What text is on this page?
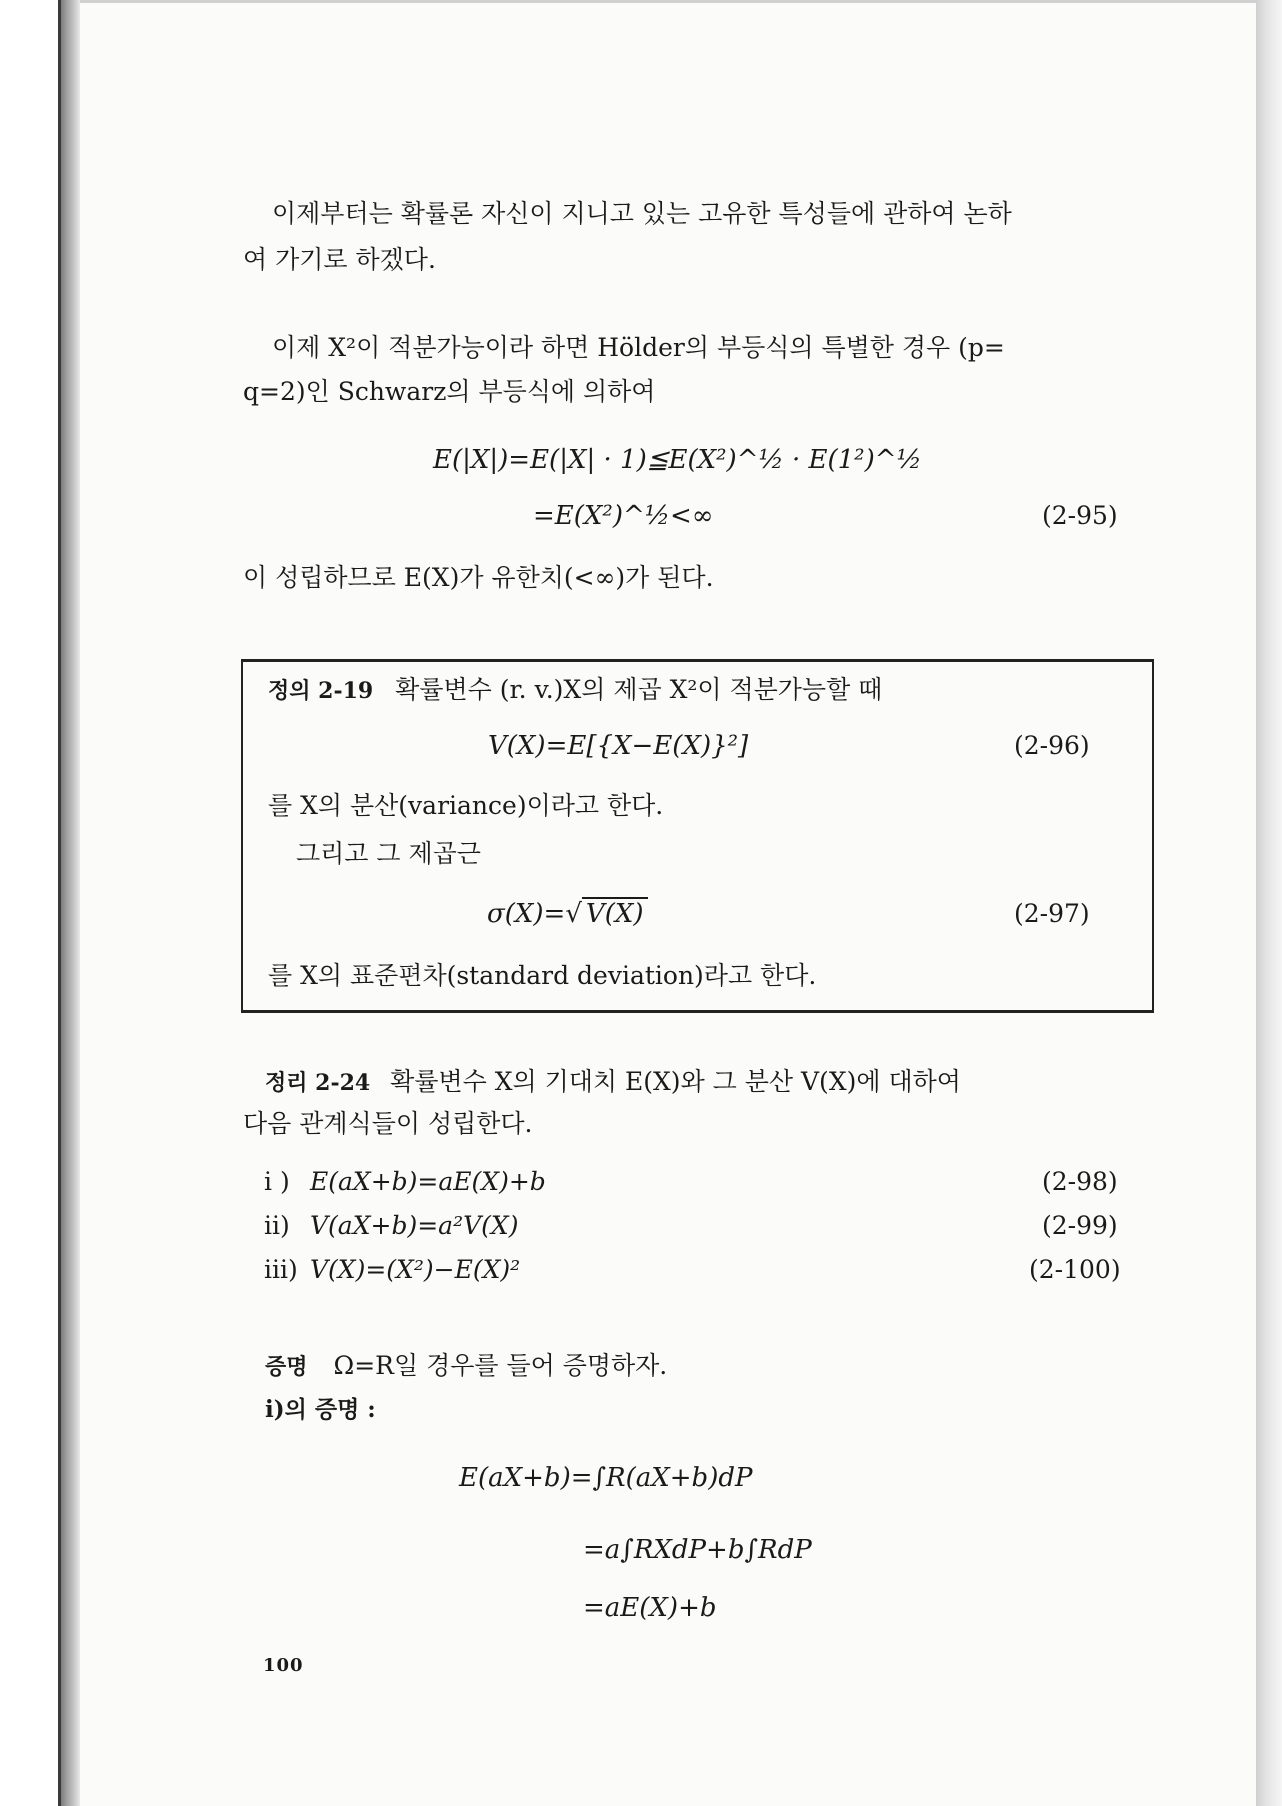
이제부터는 확률론 자신이 지니고 있는 고유한 특성들에 관하여 논하
여 가기로 하겠다.
이제 X²이 적분가능이라 하면 Hölder의 부등식의 특별한 경우 (p=
q=2)인 Schwarz의 부등식에 의하여
E(|X|)=E(|X| · 1)≦E(X²)^½ · E(1²)^½
=E(X²)^½<∞	(2-95)
이 성립하므로 E(X)가 유한치(<∞)가 된다.
정의 2-19 확률변수 (r. v.)X의 제곱 X²이 적분가능할 때
V(X)=E[{X−E(X)}²]	(2-96)
를 X의 분산(variance)이라고 한다.
그리고 그 제곱근
σ(X)=√ V(X)	(2-97)
를 X의 표준편차(standard deviation)라고 한다.
정리 2-24 확률변수 X의 기대치 E(X)와 그 분산 V(X)에 대하여
다음 관계식들이 성립한다.
i ) E(aX+b)=aE(X)+b	(2-98)
ii) V(aX+b)=a²V(X)	(2-99)
iii) V(X)=(X²)−E(X)²	(2-100)
증명 Ω=R일 경우를 들어 증명하자.
i)의 증명 :
E(aX+b)=∫R(aX+b)dP
=a∫RXdP+b∫RdP
=aE(X)+b
100
